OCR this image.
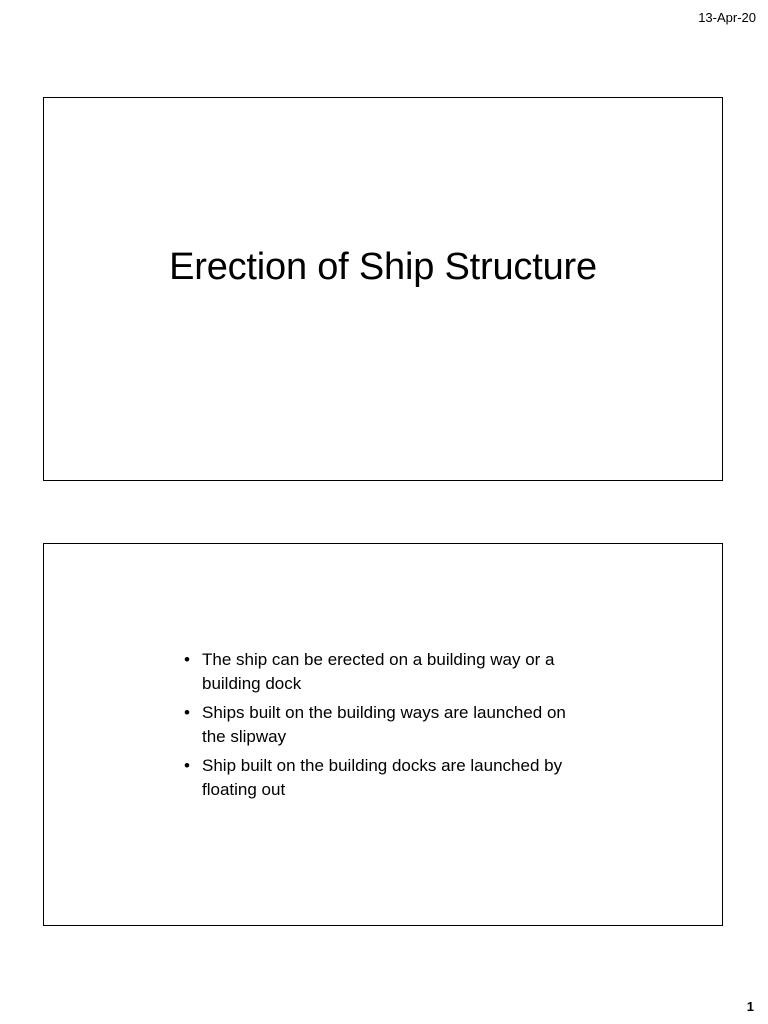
13-Apr-20
Erection of Ship Structure
• The ship can be erected on a building way or a building dock
• Ships built on the building ways are launched on the slipway
• Ship built on the building docks are launched by floating out
1
